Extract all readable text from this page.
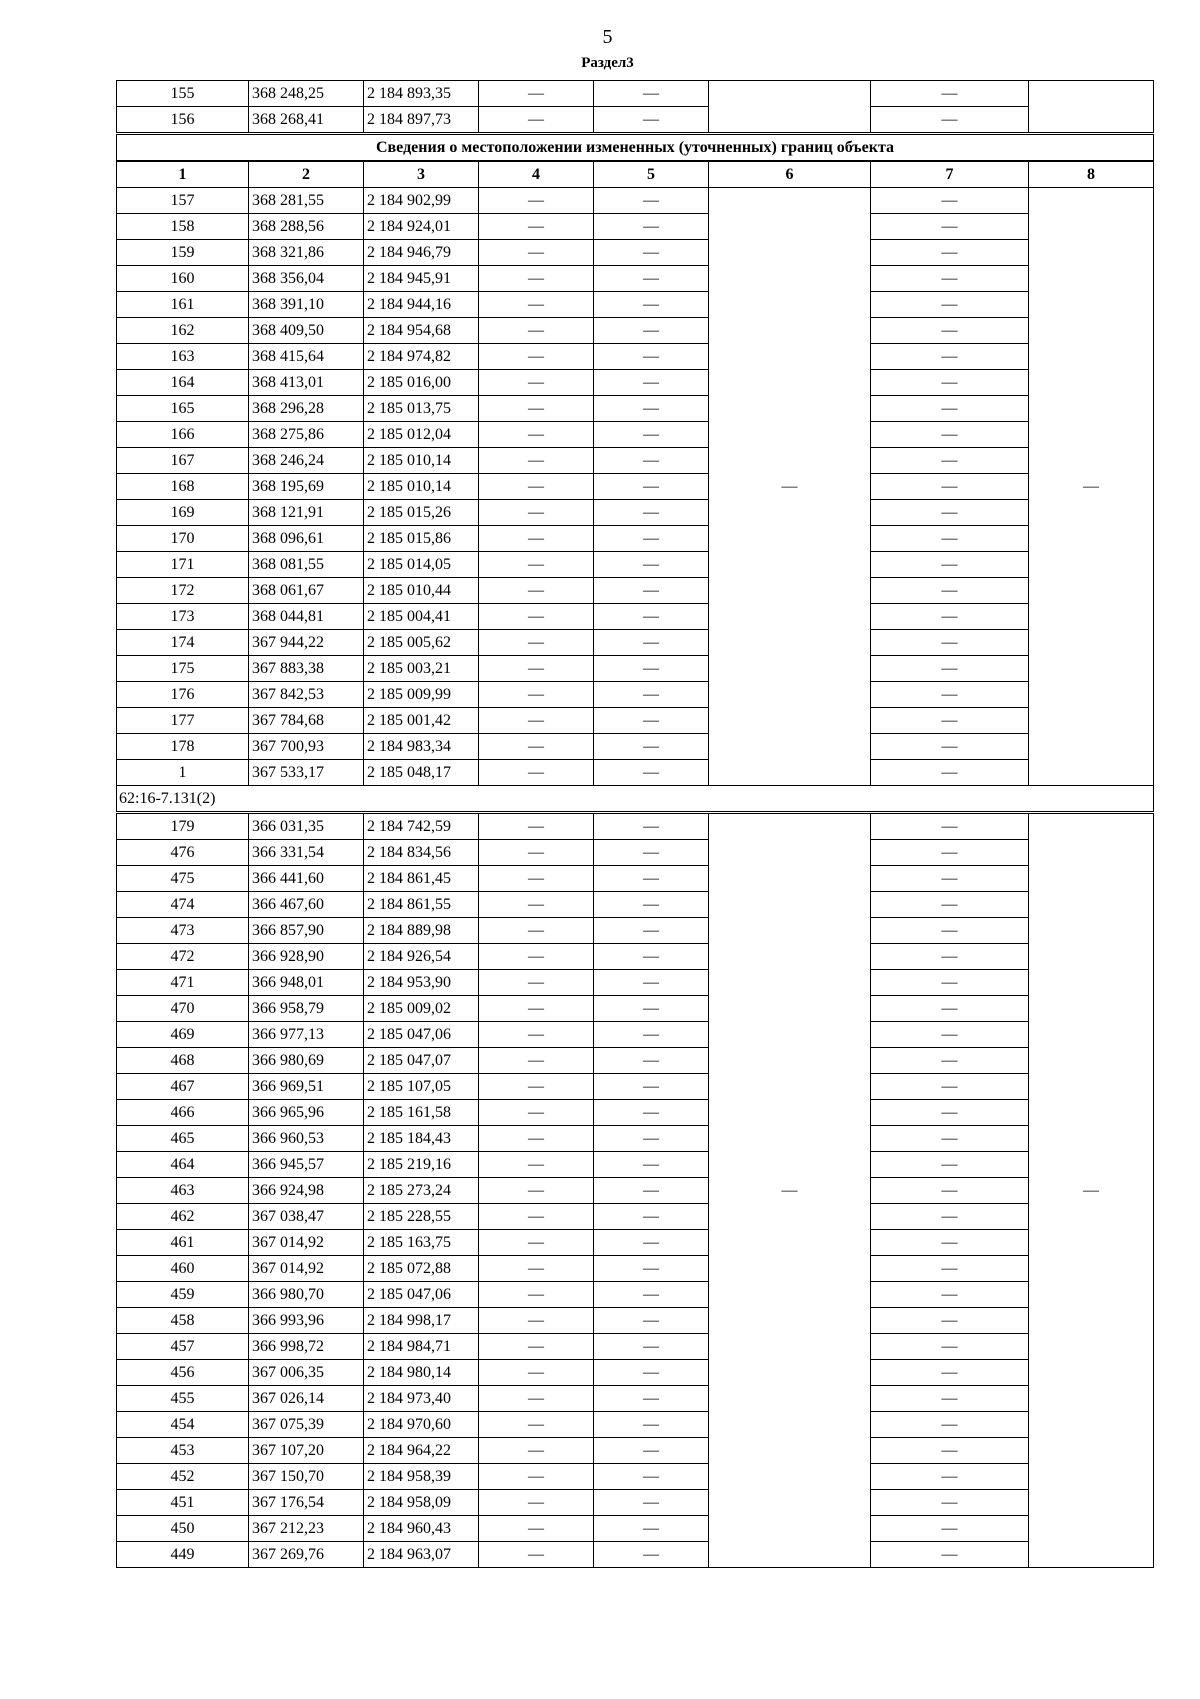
5
Раздел3
155	368 248,25	2 184 893,35	—	—		—	
156	368 268,41	2 184 897,73	—	—		—	
Сведения о местоположении измененных (уточненных) границ объекта							
1	2	3	4	5	6	7	8
157	368 281,55	2 184 902,99	—	—	—	—	—
158	368 288,56	2 184 924,01	—	—		—	
159	368 321,86	2 184 946,79	—	—		—	
160	368 356,04	2 184 945,91	—	—		—	
161	368 391,10	2 184 944,16	—	—		—	
162	368 409,50	2 184 954,68	—	—		—	
163	368 415,64	2 184 974,82	—	—		—	
164	368 413,01	2 185 016,00	—	—		—	
165	368 296,28	2 185 013,75	—	—		—	
166	368 275,86	2 185 012,04	—	—		—	
167	368 246,24	2 185 010,14	—	—		—	
168	368 195,69	2 185 010,14	—	—		—	
169	368 121,91	2 185 015,26	—	—		—	
170	368 096,61	2 185 015,86	—	—		—	
171	368 081,55	2 185 014,05	—	—		—	
172	368 061,67	2 185 010,44	—	—		—	
173	368 044,81	2 185 004,41	—	—		—	
174	367 944,22	2 185 005,62	—	—		—	
175	367 883,38	2 185 003,21	—	—		—	
176	367 842,53	2 185 009,99	—	—		—	
177	367 784,68	2 185 001,42	—	—		—	
178	367 700,93	2 184 983,34	—	—		—	
1	367 533,17	2 185 048,17	—	—		—	
62:16-7.131(2)							
179	366 031,35	2 184 742,59	—	—	—	—	—
476	366 331,54	2 184 834,56	—	—		—	
475	366 441,60	2 184 861,45	—	—		—	
474	366 467,60	2 184 861,55	—	—		—	
473	366 857,90	2 184 889,98	—	—		—	
472	366 928,90	2 184 926,54	—	—		—	
471	366 948,01	2 184 953,90	—	—		—	
470	366 958,79	2 185 009,02	—	—		—	
469	366 977,13	2 185 047,06	—	—		—	
468	366 980,69	2 185 047,07	—	—		—	
467	366 969,51	2 185 107,05	—	—		—	
466	366 965,96	2 185 161,58	—	—		—	
465	366 960,53	2 185 184,43	—	—		—	
464	366 945,57	2 185 219,16	—	—		—	
463	366 924,98	2 185 273,24	—	—		—	
462	367 038,47	2 185 228,55	—	—		—	
461	367 014,92	2 185 163,75	—	—		—	
460	367 014,92	2 185 072,88	—	—		—	
459	366 980,70	2 185 047,06	—	—		—	
458	366 993,96	2 184 998,17	—	—		—	
457	366 998,72	2 184 984,71	—	—		—	
456	367 006,35	2 184 980,14	—	—		—	
455	367 026,14	2 184 973,40	—	—		—	
454	367 075,39	2 184 970,60	—	—		—	
453	367 107,20	2 184 964,22	—	—		—	
452	367 150,70	2 184 958,39	—	—		—	
451	367 176,54	2 184 958,09	—	—		—	
450	367 212,23	2 184 960,43	—	—		—	
449	367 269,76	2 184 963,07	—	—		—	
